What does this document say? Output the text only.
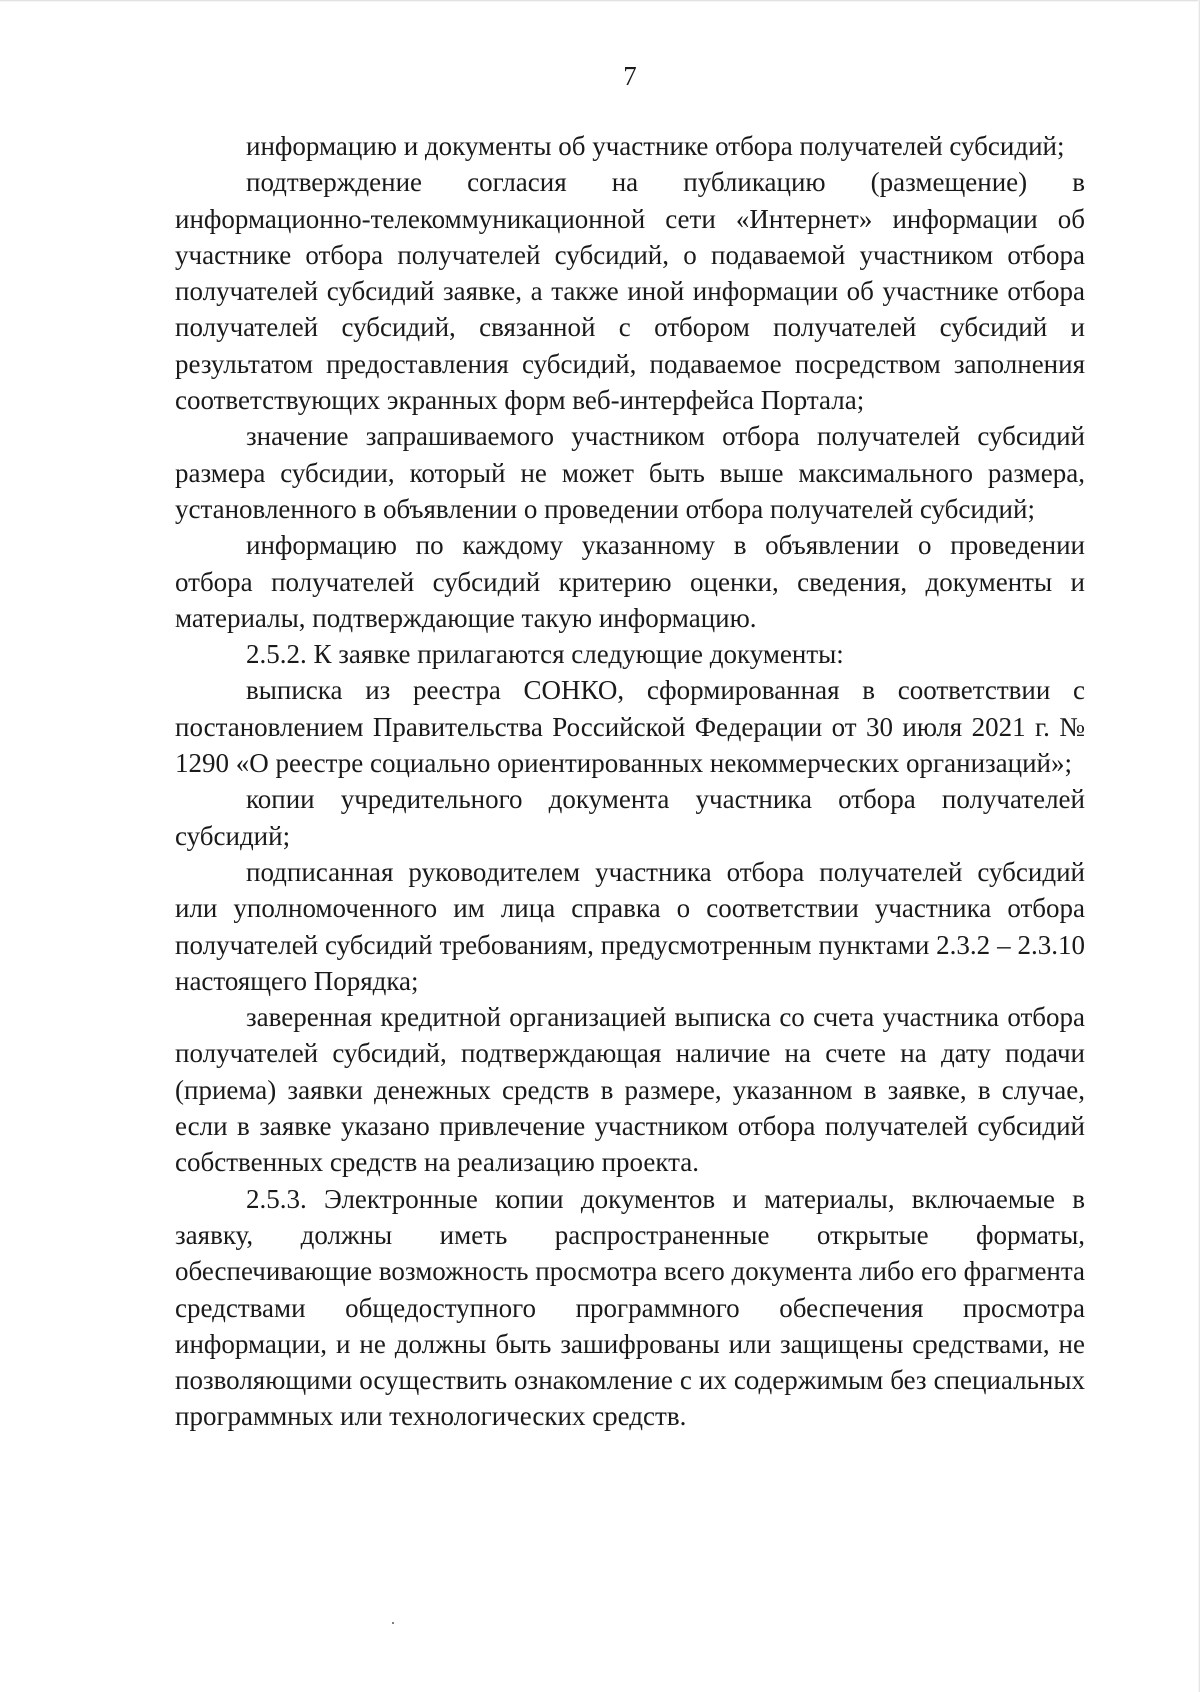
7

информацию и документы об участнике отбора получателей субсидий;

подтверждение согласия на публикацию (размещение) в информационно-телекоммуникационной сети «Интернет» информации об участнике отбора получателей субсидий, о подаваемой участником отбора получателей субсидий заявке, а также иной информации об участнике отбора получателей субсидий, связанной с отбором получателей субсидий и результатом предоставления субсидий, подаваемое посредством заполнения соответствующих экранных форм веб-интерфейса Портала;

значение запрашиваемого участником отбора получателей субсидий размера субсидии, который не может быть выше максимального размера, установленного в объявлении о проведении отбора получателей субсидий;

информацию по каждому указанному в объявлении о проведении отбора получателей субсидий критерию оценки, сведения, документы и материалы, подтверждающие такую информацию.

2.5.2. К заявке прилагаются следующие документы:

выписка из реестра СОНКО, сформированная в соответствии с постановлением Правительства Российской Федерации от 30 июля 2021 г. № 1290 «О реестре социально ориентированных некоммерческих организаций»;

копии учредительного документа участника отбора получателей субсидий;

подписанная руководителем участника отбора получателей субсидий или уполномоченного им лица справка о соответствии участника отбора получателей субсидий требованиям, предусмотренным пунктами 2.3.2 – 2.3.10 настоящего Порядка;

заверенная кредитной организацией выписка со счета участника отбора получателей субсидий, подтверждающая наличие на счете на дату подачи (приема) заявки денежных средств в размере, указанном в заявке, в случае, если в заявке указано привлечение участником отбора получателей субсидий собственных средств на реализацию проекта.

2.5.3. Электронные копии документов и материалы, включаемые в заявку, должны иметь распространенные открытые форматы, обеспечивающие возможность просмотра всего документа либо его фрагмента средствами общедоступного программного обеспечения просмотра информации, и не должны быть зашифрованы или защищены средствами, не позволяющими осуществить ознакомление с их содержимым без специальных программных или технологических средств.
